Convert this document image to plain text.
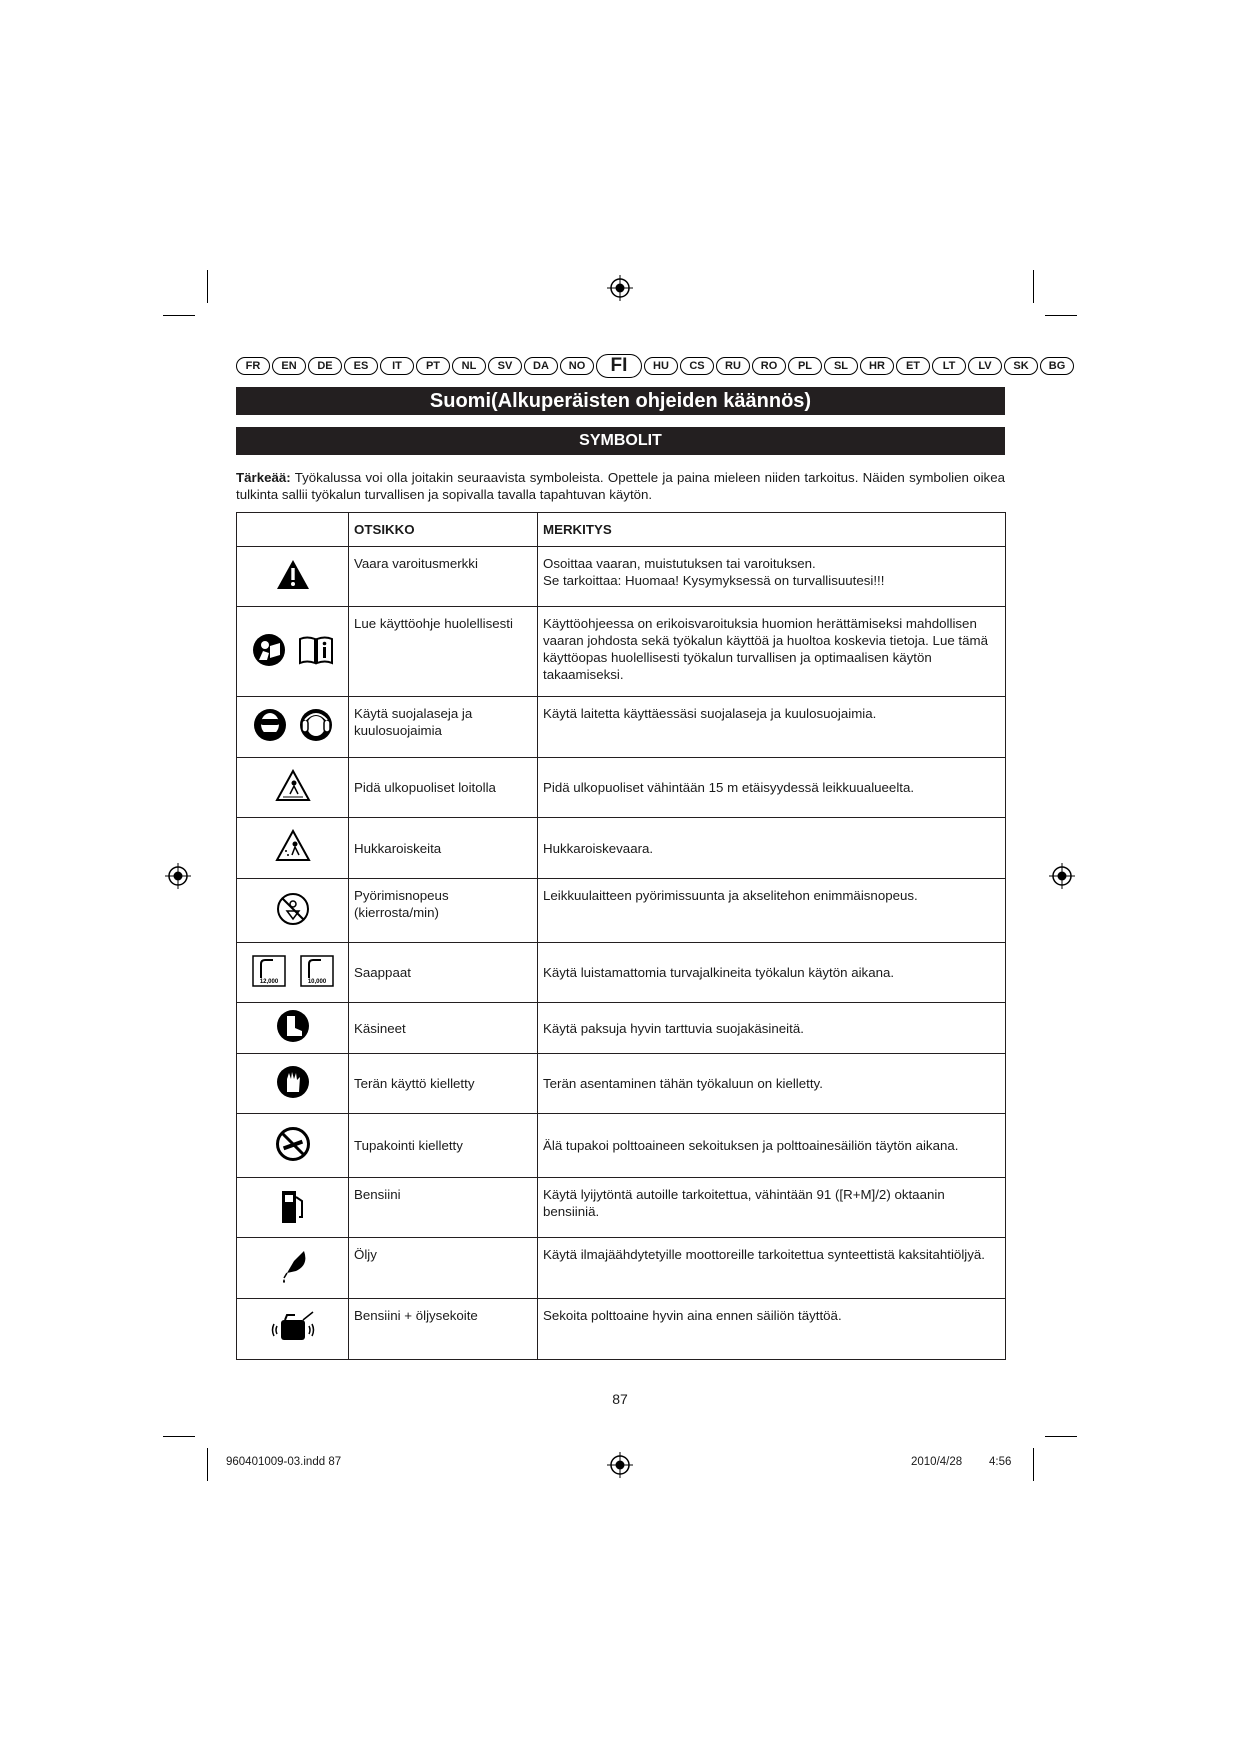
FR	EN	DE	ES	IT	PT	NL	SV	DA	NO	FI	HU	CS	RU	RO	PL	SL	HR	ET	LT	LV	SK	BG
Suomi(Alkuperäisten ohjeiden käännös)
SYMBOLIT
Tärkeää: Työkalussa voi olla joitakin seuraavista symboleista. Opettele ja paina mieleen niiden tarkoitus. Näiden symbolien oikea tulkinta sallii työkalun turvallisen ja sopivalla tavalla tapahtuvan käytön.
	OTSIKKO	MERKITYS

	Vaara varoitusmerkki	Osoittaa vaaran, muistutuksen tai varoituksen.
Se tarkoittaa: Huomaa! Kysymyksessä on turvallisuutesi!!!

	Lue käyttöohje huolellisesti	Käyttöohjeessa on erikoisvaroituksia huomion herättämiseksi mahdollisen vaaran johdosta sekä työkalun käyttöä ja huoltoa koskevia tietoja. Lue tämä käyttöopas huolellisesti työkalun turvallisen ja optimaalisen käytön takaamiseksi.

	Käytä suojalaseja ja kuulosuojaimia	Käytä laitetta käyttäessäsi suojalaseja ja kuulosuojaimia.

	Pidä ulkopuoliset loitolla	Pidä ulkopuoliset vähintään 15 m etäisyydessä leikkuualueelta.

	Hukkaroiskeita	Hukkaroiskevaara.

	Pyörimisnopeus (kierrosta/min)	Leikkuulaitteen pyörimissuunta ja akselitehon enimmäisnopeus.

12,000 10,000	Saappaat	Käytä luistamattomia turvajalkineita työkalun käytön aikana.

	Käsineet	Käytä paksuja hyvin tarttuvia suojakäsineitä.

	Terän käyttö kielletty	Terän asentaminen tähän työkaluun on kielletty.

	Tupakointi kielletty	Älä tupakoi polttoaineen sekoituksen ja polttoainesäiliön täytön aikana.

	Bensiini	Käytä lyijytöntä autoille tarkoitettua, vähintään 91 ([R+M]/2) oktaanin bensiiniä.

	Öljy	Käytä ilmajäähdytetyille moottoreille tarkoitettua synteettistä kaksitahtiöljyä.

	Bensiini + öljysekoite	Sekoita polttoaine hyvin aina ennen säiliön täyttöä.
87
960401009-03.indd 87	2010/4/28 4:56
